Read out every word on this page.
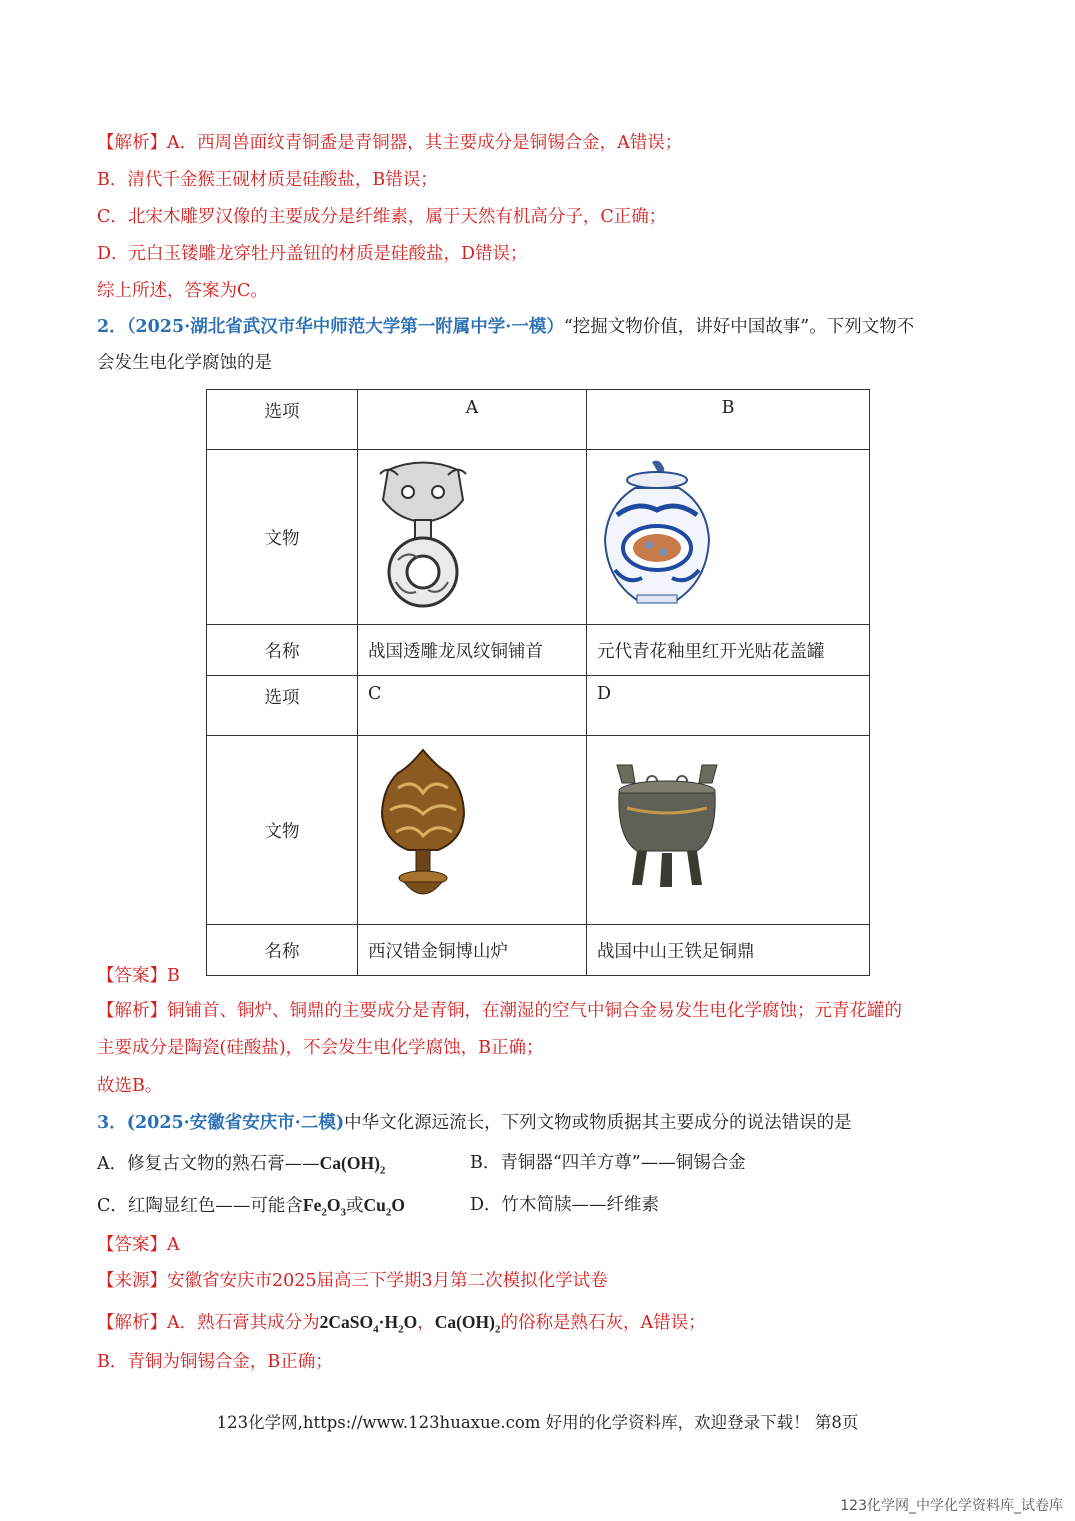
【解析】A．西周兽面纹青铜盉是青铜器，其主要成分是铜锡合金，A错误；
B．清代千金猴王砚材质是硅酸盐，B错误；
C．北宋木雕罗汉像的主要成分是纤维素，属于天然有机高分子，C正确；
D．元白玉镂雕龙穿牡丹盖钮的材质是硅酸盐，D错误；
综上所述，答案为C。
2．（2025·湖北省武汉市华中师范大学第一附属中学·一模）“挖掘文物价值，讲好中国故事”。下列文物不
会发生电化学腐蚀的是
选项	A	B
文物		
名称	战国透雕龙凤纹铜铺首	元代青花釉里红开光贴花盖罐
选项	C	D
文物		
名称	西汉错金铜博山炉	战国中山王铁足铜鼎
【答案】B
【解析】铜铺首、铜炉、铜鼎的主要成分是青铜，在潮湿的空气中铜合金易发生电化学腐蚀；元青花罐的
主要成分是陶瓷(硅酸盐)，不会发生电化学腐蚀，B正确；
故选B。
3．(2025·安徽省安庆市·二模)中华文化源远流长，下列文物或物质据其主要成分的说法错误的是
A．修复古文物的熟石膏$——Ca(OH)_2$	B．青铜器“四羊方尊”——铜锡合金
C．红陶显红色——可能含$Fe_2O_3$或$Cu_2O$	D．竹木简牍——纤维素
【答案】A
【来源】安徽省安庆市2025届高三下学期3月第二次模拟化学试卷
【解析】A．熟石膏其成分为$2CaSO_4\cdot H_2O$，$Ca(OH)_2$的俗称是熟石灰，A错误；
B．青铜为铜锡合金，B正确；
123化学网,https://www.123huaxue.com 好用的化学资料库，欢迎登录下载！ 第8页
123化学网_中学化学资料库_试卷库
